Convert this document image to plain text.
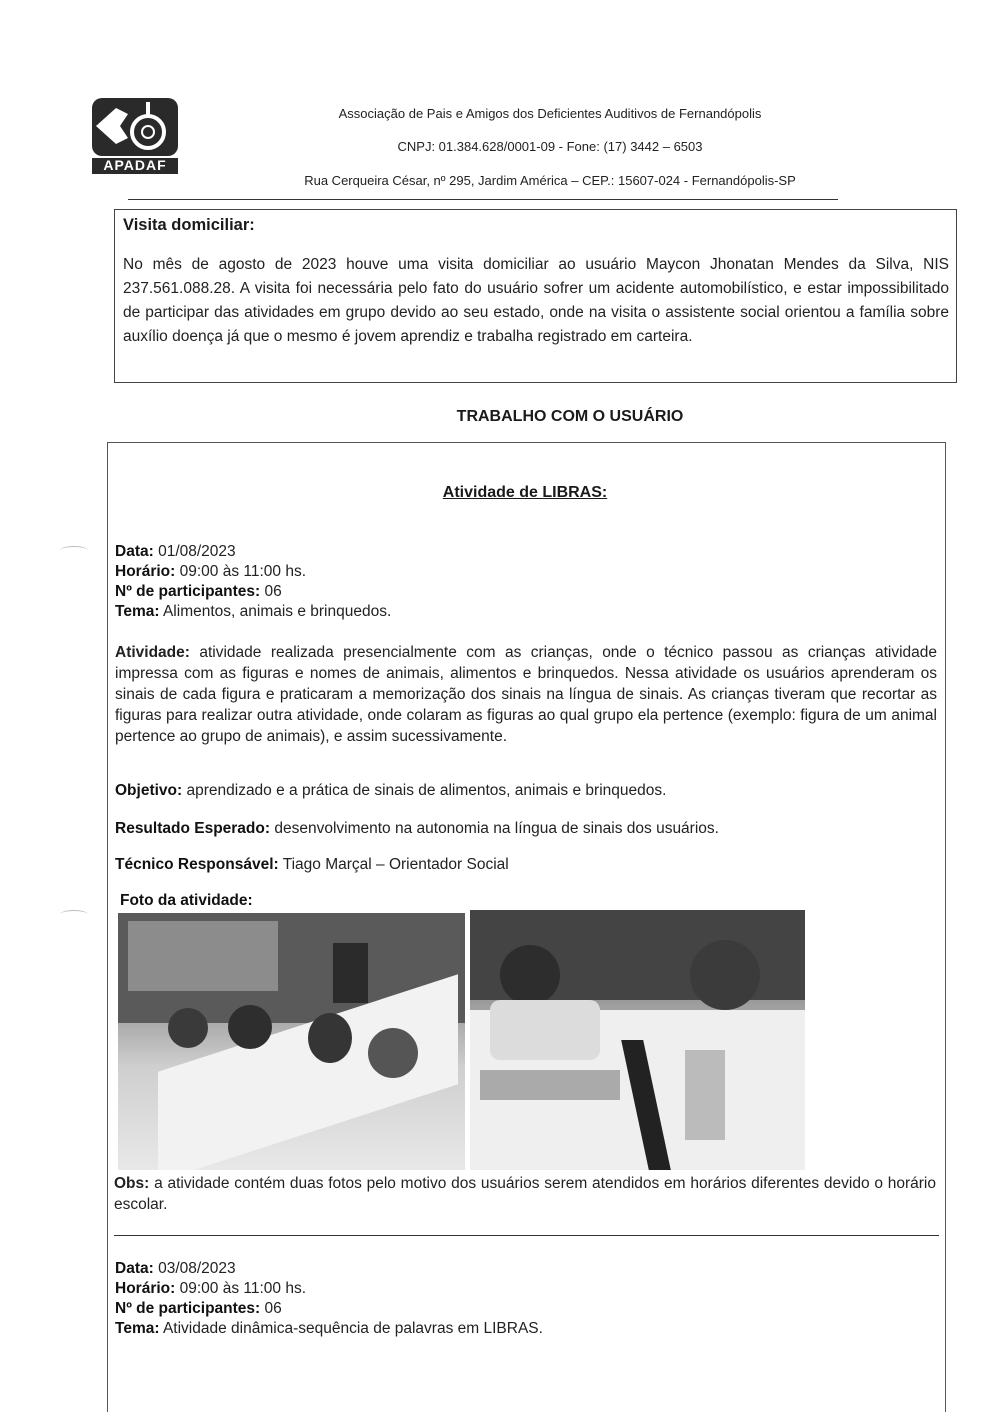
APADAF
Associação de Pais e Amigos dos Deficientes Auditivos de Fernandópolis
CNPJ: 01.384.628/0001-09 - Fone: (17) 3442 – 6503
Rua Cerqueira César, nº 295, Jardim América – CEP.: 15607-024 - Fernandópolis-SP
Visita domiciliar:
No mês de agosto de 2023 houve uma visita domiciliar ao usuário Maycon Jhonatan Mendes da Silva, NIS 237.561.088.28. A visita foi necessária pelo fato do usuário sofrer um acidente automobilístico, e estar impossibilitado de participar das atividades em grupo devido ao seu estado, onde na visita o assistente social orientou a família sobre auxílio doença já que o mesmo é jovem aprendiz e trabalha registrado em carteira.
TRABALHO COM O USUÁRIO
Atividade de LIBRAS:
Data: 01/08/2023
Horário: 09:00 às 11:00 hs.
Nº de participantes: 06
Tema: Alimentos, animais e brinquedos.
Atividade: atividade realizada presencialmente com as crianças, onde o técnico passou as crianças atividade impressa com as figuras e nomes de animais, alimentos e brinquedos. Nessa atividade os usuários aprenderam os sinais de cada figura e praticaram a memorização dos sinais na língua de sinais. As crianças tiveram que recortar as figuras para realizar outra atividade, onde colaram as figuras ao qual grupo ela pertence (exemplo: figura de um animal pertence ao grupo de animais), e assim sucessivamente.
Objetivo: aprendizado e a prática de sinais de alimentos, animais e brinquedos.
Resultado Esperado: desenvolvimento na autonomia na língua de sinais dos usuários.
Técnico Responsável: Tiago Marçal – Orientador Social
Foto da atividade:
Obs: a atividade contém duas fotos pelo motivo dos usuários serem atendidos em horários diferentes devido o horário escolar.
Data: 03/08/2023
Horário: 09:00 às 11:00 hs.
Nº de participantes: 06
Tema: Atividade dinâmica-sequência de palavras em LIBRAS.
